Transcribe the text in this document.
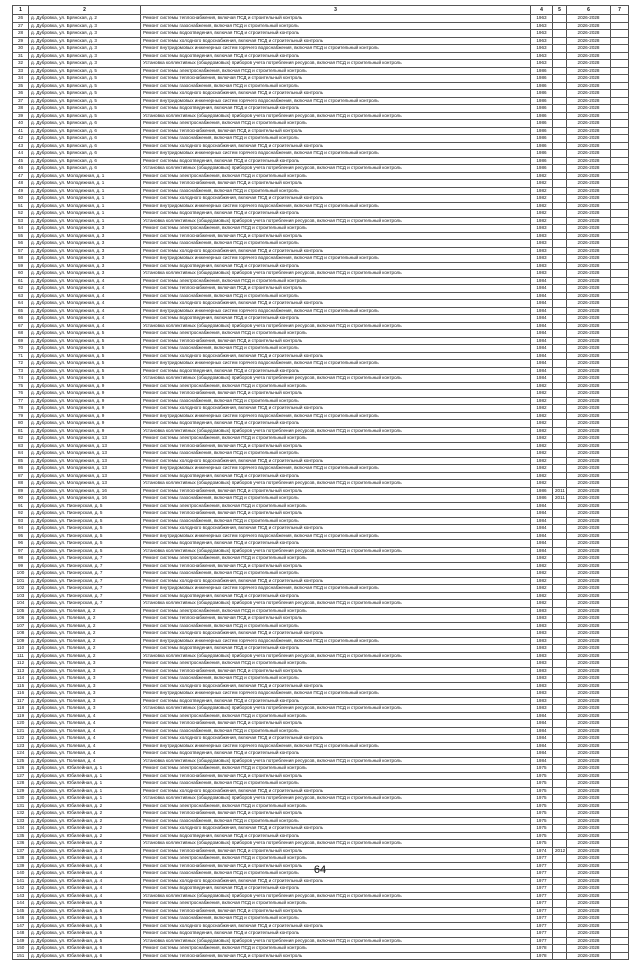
1	2	3	4	5	6	7
26	д. Дубровка, ул. Брянская, д. 2	Ремонт системы теплоснабжения, включая ПСД и строительный контроль	1963		2026-2028	
27	д. Дубровка, ул. Брянская, д. 3	Ремонт системы газоснабжения, включая ПСД и строительный контроль	1963		2026-2028	
28	д. Дубровка, ул. Брянская, д. 3	Ремонт системы водоотведения, включая ПСД и строительный контроль	1963		2026-2028	
29	д. Дубровка, ул. Брянская, д. 3	Ремонт системы холодного водоснабжения, включая ПСД и строительный контроль	1963		2026-2028	
30	д. Дубровка, ул. Брянская, д. 3	Ремонт внутридомовых инженерных систем горячего водоснабжения, включая ПСД и строительный контроль	1963		2026-2028	
31	д. Дубровка, ул. Брянская, д. 3	Ремонт системы водоотведения, включая ПСД и строительный контроль	1963		2026-2028	
32	д. Дубровка, ул. Брянская, д. 3	Установка коллективных (общедомовых) приборов учета потребления ресурсов, включая ПСД и строительный контроль	1963		2026-2028	
33	д. Дубровка, ул. Брянская, д. 5	Ремонт системы электроснабжения, включая ПСД и строительный контроль	1986		2026-2028	
34	д. Дубровка, ул. Брянская, д. 5	Ремонт системы теплоснабжения, включая ПСД и строительный контроль	1986		2026-2028	
35	д. Дубровка, ул. Брянская, д. 5	Ремонт системы газоснабжения, включая ПСД и строительный контроль	1986		2026-2028	
36	д. Дубровка, ул. Брянская, д. 5	Ремонт системы холодного водоснабжения, включая ПСД и строительный контроль	1986		2026-2028	
37	д. Дубровка, ул. Брянская, д. 5	Ремонт внутридомовых инженерных систем горячего водоснабжения, включая ПСД и строительный контроль	1986		2026-2028	
38	д. Дубровка, ул. Брянская, д. 5	Ремонт системы водоотведения, включая ПСД и строительный контроль	1986		2026-2028	
39	д. Дубровка, ул. Брянская, д. 5	Установка коллективных (общедомовых) приборов учета потребления ресурсов, включая ПСД и строительный контроль	1986		2026-2028	
40	д. Дубровка, ул. Брянская, д. 6	Ремонт системы электроснабжения, включая ПСД и строительный контроль	1986		2026-2028	
41	д. Дубровка, ул. Брянская, д. 6	Ремонт системы теплоснабжения, включая ПСД и строительный контроль	1986		2026-2028	
42	д. Дубровка, ул. Брянская, д. 6	Ремонт системы газоснабжения, включая ПСД и строительный контроль	1986		2026-2028	
43	д. Дубровка, ул. Брянская, д. 6	Ремонт системы холодного водоснабжения, включая ПСД и строительный контроль	1986		2026-2028	
44	д. Дубровка, ул. Брянская, д. 6	Ремонт внутридомовых инженерных систем горячего водоснабжения, включая ПСД и строительный контроль	1986		2026-2028	
45	д. Дубровка, ул. Брянская, д. 6	Ремонт системы водоотведения, включая ПСД и строительный контроль	1986		2026-2028	
46	д. Дубровка, ул. Брянская, д. 6	Установка коллективных (общедомовых) приборов учета потребления ресурсов, включая ПСД и строительный контроль	1986		2026-2028	
47	д. Дубровка, ул. Молодежная, д. 1	Ремонт системы электроснабжения, включая ПСД и строительный контроль	1982		2026-2028	
48	д. Дубровка, ул. Молодежная, д. 1	Ремонт системы теплоснабжения, включая ПСД и строительный контроль	1982		2026-2028	
49	д. Дубровка, ул. Молодежная, д. 1	Ремонт системы газоснабжения, включая ПСД и строительный контроль	1982		2026-2028	
50	д. Дубровка, ул. Молодежная, д. 1	Ремонт системы холодного водоснабжения, включая ПСД и строительный контроль	1982		2026-2028	
51	д. Дубровка, ул. Молодежная, д. 1	Ремонт внутридомовых инженерных систем горячего водоснабжения, включая ПСД и строительный контроль	1982		2026-2028	
52	д. Дубровка, ул. Молодежная, д. 1	Ремонт системы водоотведения, включая ПСД и строительный контроль	1982		2026-2028	
53	д. Дубровка, ул. Молодежная, д. 1	Установка коллективных (общедомовых) приборов учета потребления ресурсов, включая ПСД и строительный контроль	1982		2026-2028	
54	д. Дубровка, ул. Молодежная, д. 3	Ремонт системы электроснабжения, включая ПСД и строительный контроль	1983		2026-2028	
55	д. Дубровка, ул. Молодежная, д. 3	Ремонт системы теплоснабжения, включая ПСД и строительный контроль	1983		2026-2028	
56	д. Дубровка, ул. Молодежная, д. 3	Ремонт системы газоснабжения, включая ПСД и строительный контроль	1983		2026-2028	
57	д. Дубровка, ул. Молодежная, д. 3	Ремонт системы холодного водоснабжения, включая ПСД и строительный контроль	1983		2026-2028	
58	д. Дубровка, ул. Молодежная, д. 3	Ремонт внутридомовых инженерных систем горячего водоснабжения, включая ПСД и строительный контроль	1983		2026-2028	
59	д. Дубровка, ул. Молодежная, д. 3	Ремонт системы водоотведения, включая ПСД и строительный контроль	1983		2026-2028	
60	д. Дубровка, ул. Молодежная, д. 3	Установка коллективных (общедомовых) приборов учета потребления ресурсов, включая ПСД и строительный контроль	1983		2026-2028	
61	д. Дубровка, ул. Молодежная, д. 4	Ремонт системы электроснабжения, включая ПСД и строительный контроль	1984		2026-2028	
62	д. Дубровка, ул. Молодежная, д. 4	Ремонт системы теплоснабжения, включая ПСД и строительный контроль	1984		2026-2028	
63	д. Дубровка, ул. Молодежная, д. 4	Ремонт системы газоснабжения, включая ПСД и строительный контроль	1984		2026-2028	
64	д. Дубровка, ул. Молодежная, д. 4	Ремонт системы холодного водоснабжения, включая ПСД и строительный контроль	1984		2026-2028	
65	д. Дубровка, ул. Молодежная, д. 4	Ремонт внутридомовых инженерных систем горячего водоснабжения, включая ПСД и строительный контроль	1984		2026-2028	
66	д. Дубровка, ул. Молодежная, д. 4	Ремонт системы водоотведения, включая ПСД и строительный контроль	1984		2026-2028	
67	д. Дубровка, ул. Молодежная, д. 4	Установка коллективных (общедомовых) приборов учета потребления ресурсов, включая ПСД и строительный контроль	1984		2026-2028	
68	д. Дубровка, ул. Молодежная, д. 5	Ремонт системы электроснабжения, включая ПСД и строительный контроль	1984		2026-2028	
69	д. Дубровка, ул. Молодежная, д. 5	Ремонт системы теплоснабжения, включая ПСД и строительный контроль	1984		2026-2028	
70	д. Дубровка, ул. Молодежная, д. 5	Ремонт системы газоснабжения, включая ПСД и строительный контроль	1984		2026-2028	
71	д. Дубровка, ул. Молодежная, д. 5	Ремонт системы холодного водоснабжения, включая ПСД и строительный контроль	1984		2026-2028	
72	д. Дубровка, ул. Молодежная, д. 5	Ремонт внутридомовых инженерных систем горячего водоснабжения, включая ПСД и строительный контроль	1984		2026-2028	
73	д. Дубровка, ул. Молодежная, д. 5	Ремонт системы водоотведения, включая ПСД и строительный контроль	1984		2026-2028	
74	д. Дубровка, ул. Молодежная, д. 5	Установка коллективных (общедомовых) приборов учета потребления ресурсов, включая ПСД и строительный контроль	1984		2026-2028	
75	д. Дубровка, ул. Молодежная, д. 9	Ремонт системы электроснабжения, включая ПСД и строительный контроль	1982		2026-2028	
76	д. Дубровка, ул. Молодежная, д. 9	Ремонт системы теплоснабжения, включая ПСД и строительный контроль	1982		2026-2028	
77	д. Дубровка, ул. Молодежная, д. 9	Ремонт системы газоснабжения, включая ПСД и строительный контроль	1982		2026-2028	
78	д. Дубровка, ул. Молодежная, д. 9	Ремонт системы холодного водоснабжения, включая ПСД и строительный контроль	1982		2026-2028	
79	д. Дубровка, ул. Молодежная, д. 9	Ремонт внутридомовых инженерных систем горячего водоснабжения, включая ПСД и строительный контроль	1982		2026-2028	
80	д. Дубровка, ул. Молодежная, д. 9	Ремонт системы водоотведения, включая ПСД и строительный контроль	1982		2026-2028	
81	д. Дубровка, ул. Молодежная, д. 9	Установка коллективных (общедомовых) приборов учета потребления ресурсов, включая ПСД и строительный контроль	1982		2026-2028	
82	д. Дубровка, ул. Молодежная, д. 13	Ремонт системы электроснабжения, включая ПСД и строительный контроль	1982		2026-2028	
83	д. Дубровка, ул. Молодежная, д. 13	Ремонт системы теплоснабжения, включая ПСД и строительный контроль	1982		2026-2028	
84	д. Дубровка, ул. Молодежная, д. 13	Ремонт системы газоснабжения, включая ПСД и строительный контроль	1982		2026-2028	
85	д. Дубровка, ул. Молодежная, д. 13	Ремонт системы холодного водоснабжения, включая ПСД и строительный контроль	1982		2026-2028	
86	д. Дубровка, ул. Молодежная, д. 13	Ремонт внутридомовых инженерных систем горячего водоснабжения, включая ПСД и строительный контроль	1982		2026-2028	
87	д. Дубровка, ул. Молодежная, д. 13	Ремонт системы водоотведения, включая ПСД и строительный контроль	1982		2026-2028	
88	д. Дубровка, ул. Молодежная, д. 13	Установка коллективных (общедомовых) приборов учета потребления ресурсов, включая ПСД и строительный контроль	1982		2026-2028	
89	д. Дубровка, ул. Молодежная, д. 16	Ремонт системы теплоснабжения, включая ПСД и строительный контроль	1986	2011	2026-2028	
90	д. Дубровка, ул. Молодежная, д. 16	Ремонт системы газоснабжения, включая ПСД и строительный контроль	1986	2011	2026-2028	
91	д. Дубровка, ул. Пионерская, д. 5	Ремонт системы электроснабжения, включая ПСД и строительный контроль	1984		2026-2028	
92	д. Дубровка, ул. Пионерская, д. 5	Ремонт системы теплоснабжения, включая ПСД и строительный контроль	1984		2026-2028	
93	д. Дубровка, ул. Пионерская, д. 5	Ремонт системы газоснабжения, включая ПСД и строительный контроль	1984		2026-2028	
94	д. Дубровка, ул. Пионерская, д. 5	Ремонт системы холодного водоснабжения, включая ПСД и строительный контроль	1984		2026-2028	
95	д. Дубровка, ул. Пионерская, д. 5	Ремонт внутридомовых инженерных систем горячего водоснабжения, включая ПСД и строительный контроль	1984		2026-2028	
96	д. Дубровка, ул. Пионерская, д. 5	Ремонт системы водоотведения, включая ПСД и строительный контроль	1984		2026-2028	
97	д. Дубровка, ул. Пионерская, д. 5	Установка коллективных (общедомовых) приборов учета потребления ресурсов, включая ПСД и строительный контроль	1984		2026-2028	
98	д. Дубровка, ул. Пионерская, д. 7	Ремонт системы электроснабжения, включая ПСД и строительный контроль	1982		2026-2028	
99	д. Дубровка, ул. Пионерская, д. 7	Ремонт системы теплоснабжения, включая ПСД и строительный контроль	1982		2026-2028	
100	д. Дубровка, ул. Пионерская, д. 7	Ремонт системы газоснабжения, включая ПСД и строительный контроль	1982		2026-2028	
101	д. Дубровка, ул. Пионерская, д. 7	Ремонт системы холодного водоснабжения, включая ПСД и строительный контроль	1982		2026-2028	
102	д. Дубровка, ул. Пионерская, д. 7	Ремонт внутридомовых инженерных систем горячего водоснабжения, включая ПСД и строительный контроль	1982		2026-2028	
103	д. Дубровка, ул. Пионерская, д. 7	Ремонт системы водоотведения, включая ПСД и строительный контроль	1982		2026-2028	
104	д. Дубровка, ул. Пионерская, д. 7	Установка коллективных (общедомовых) приборов учета потребления ресурсов, включая ПСД и строительный контроль	1982		2026-2028	
105	д. Дубровка, ул. Полевая, д. 2	Ремонт системы электроснабжения, включая ПСД и строительный контроль	1983		2026-2028	
106	д. Дубровка, ул. Полевая, д. 2	Ремонт системы теплоснабжения, включая ПСД и строительный контроль	1983		2026-2028	
107	д. Дубровка, ул. Полевая, д. 2	Ремонт системы газоснабжения, включая ПСД и строительный контроль	1983		2026-2028	
108	д. Дубровка, ул. Полевая, д. 2	Ремонт системы холодного водоснабжения, включая ПСД и строительный контроль	1983		2026-2028	
109	д. Дубровка, ул. Полевая, д. 2	Ремонт внутридомовых инженерных систем горячего водоснабжения, включая ПСД и строительный контроль	1983		2026-2028	
110	д. Дубровка, ул. Полевая, д. 2	Ремонт системы водоотведения, включая ПСД и строительный контроль	1983		2026-2028	
111	д. Дубровка, ул. Полевая, д. 2	Установка коллективных (общедомовых) приборов учета потребления ресурсов, включая ПСД и строительный контроль	1983		2026-2028	
112	д. Дубровка, ул. Полевая, д. 3	Ремонт системы электроснабжения, включая ПСД и строительный контроль	1983		2026-2028	
113	д. Дубровка, ул. Полевая, д. 3	Ремонт системы теплоснабжения, включая ПСД и строительный контроль	1983		2026-2028	
114	д. Дубровка, ул. Полевая, д. 3	Ремонт системы газоснабжения, включая ПСД и строительный контроль	1983		2026-2028	
115	д. Дубровка, ул. Полевая, д. 3	Ремонт системы холодного водоснабжения, включая ПСД и строительный контроль	1983		2026-2028	
116	д. Дубровка, ул. Полевая, д. 3	Ремонт внутридомовых инженерных систем горячего водоснабжения, включая ПСД и строительный контроль	1983		2026-2028	
117	д. Дубровка, ул. Полевая, д. 3	Ремонт системы водоотведения, включая ПСД и строительный контроль	1983		2026-2028	
118	д. Дубровка, ул. Полевая, д. 3	Установка коллективных (общедомовых) приборов учета потребления ресурсов, включая ПСД и строительный контроль	1983		2026-2028	
119	д. Дубровка, ул. Полевая, д. 4	Ремонт системы электроснабжения, включая ПСД и строительный контроль	1984		2026-2028	
120	д. Дубровка, ул. Полевая, д. 4	Ремонт системы теплоснабжения, включая ПСД и строительный контроль	1984		2026-2028	
121	д. Дубровка, ул. Полевая, д. 4	Ремонт системы газоснабжения, включая ПСД и строительный контроль	1984		2026-2028	
122	д. Дубровка, ул. Полевая, д. 4	Ремонт системы холодного водоснабжения, включая ПСД и строительный контроль	1984		2026-2028	
123	д. Дубровка, ул. Полевая, д. 4	Ремонт внутридомовых инженерных систем горячего водоснабжения, включая ПСД и строительный контроль	1984		2026-2028	
124	д. Дубровка, ул. Полевая, д. 4	Ремонт системы водоотведения, включая ПСД и строительный контроль	1984		2026-2028	
125	д. Дубровка, ул. Полевая, д. 4	Установка коллективных (общедомовых) приборов учета потребления ресурсов, включая ПСД и строительный контроль	1984		2026-2028	
126	д. Дубровка, ул. Юбилейная, д. 1	Ремонт системы электроснабжения, включая ПСД и строительный контроль	1975		2026-2028	
127	д. Дубровка, ул. Юбилейная, д. 1	Ремонт системы теплоснабжения, включая ПСД и строительный контроль	1975		2026-2028	
128	д. Дубровка, ул. Юбилейная, д. 1	Ремонт системы газоснабжения, включая ПСД и строительный контроль	1975		2026-2028	
129	д. Дубровка, ул. Юбилейная, д. 1	Ремонт системы холодного водоснабжения, включая ПСД и строительный контроль	1975		2026-2028	
130	д. Дубровка, ул. Юбилейная, д. 1	Установка коллективных (общедомовых) приборов учета потребления ресурсов, включая ПСД и строительный контроль	1975		2026-2028	
131	д. Дубровка, ул. Юбилейная, д. 2	Ремонт системы электроснабжения, включая ПСД и строительный контроль	1975		2026-2028	
132	д. Дубровка, ул. Юбилейная, д. 2	Ремонт системы теплоснабжения, включая ПСД и строительный контроль	1975		2026-2028	
133	д. Дубровка, ул. Юбилейная, д. 2	Ремонт системы газоснабжения, включая ПСД и строительный контроль	1975		2026-2028	
134	д. Дубровка, ул. Юбилейная, д. 2	Ремонт системы холодного водоснабжения, включая ПСД и строительный контроль	1975		2026-2028	
135	д. Дубровка, ул. Юбилейная, д. 2	Ремонт системы водоотведения, включая ПСД и строительный контроль	1975		2026-2028	
136	д. Дубровка, ул. Юбилейная, д. 2	Установка коллективных (общедомовых) приборов учета потребления ресурсов, включая ПСД и строительный контроль	1975		2026-2028	
137	д. Дубровка, ул. Юбилейная, д. 3	Ремонт системы теплоснабжения, включая ПСД и строительный контроль	1974	2012	2026-2028	
138	д. Дубровка, ул. Юбилейная, д. 4	Ремонт системы электроснабжения, включая ПСД и строительный контроль	1977		2026-2028	
139	д. Дубровка, ул. Юбилейная, д. 4	Ремонт системы теплоснабжения, включая ПСД и строительный контроль	1977		2026-2028	
140	д. Дубровка, ул. Юбилейная, д. 4	Ремонт системы газоснабжения, включая ПСД и строительный контроль	1977		2026-2028	
141	д. Дубровка, ул. Юбилейная, д. 4	Ремонт системы холодного водоснабжения, включая ПСД и строительный контроль	1977		2026-2028	
142	д. Дубровка, ул. Юбилейная, д. 4	Ремонт системы водоотведения, включая ПСД и строительный контроль	1977		2026-2028	
143	д. Дубровка, ул. Юбилейная, д. 4	Установка коллективных (общедомовых) приборов учета потребления ресурсов, включая ПСД и строительный контроль	1977		2026-2028	
144	д. Дубровка, ул. Юбилейная, д. 5	Ремонт системы электроснабжения, включая ПСД и строительный контроль	1977		2026-2028	
145	д. Дубровка, ул. Юбилейная, д. 5	Ремонт системы теплоснабжения, включая ПСД и строительный контроль	1977		2026-2028	
146	д. Дубровка, ул. Юбилейная, д. 5	Ремонт системы газоснабжения, включая ПСД и строительный контроль	1977		2026-2028	
147	д. Дубровка, ул. Юбилейная, д. 5	Ремонт системы холодного водоснабжения, включая ПСД и строительный контроль	1977		2026-2028	
148	д. Дубровка, ул. Юбилейная, д. 5	Ремонт системы водоотведения, включая ПСД и строительный контроль	1977		2026-2028	
149	д. Дубровка, ул. Юбилейная, д. 5	Установка коллективных (общедомовых) приборов учета потребления ресурсов, включая ПСД и строительный контроль	1977		2026-2028	
150	д. Дубровка, ул. Юбилейная, д. 6	Ремонт системы электроснабжения, включая ПСД и строительный контроль	1978		2026-2028	
151	д. Дубровка, ул. Юбилейная, д. 6	Ремонт системы теплоснабжения, включая ПСД и строительный контроль	1978		2026-2028	
64
